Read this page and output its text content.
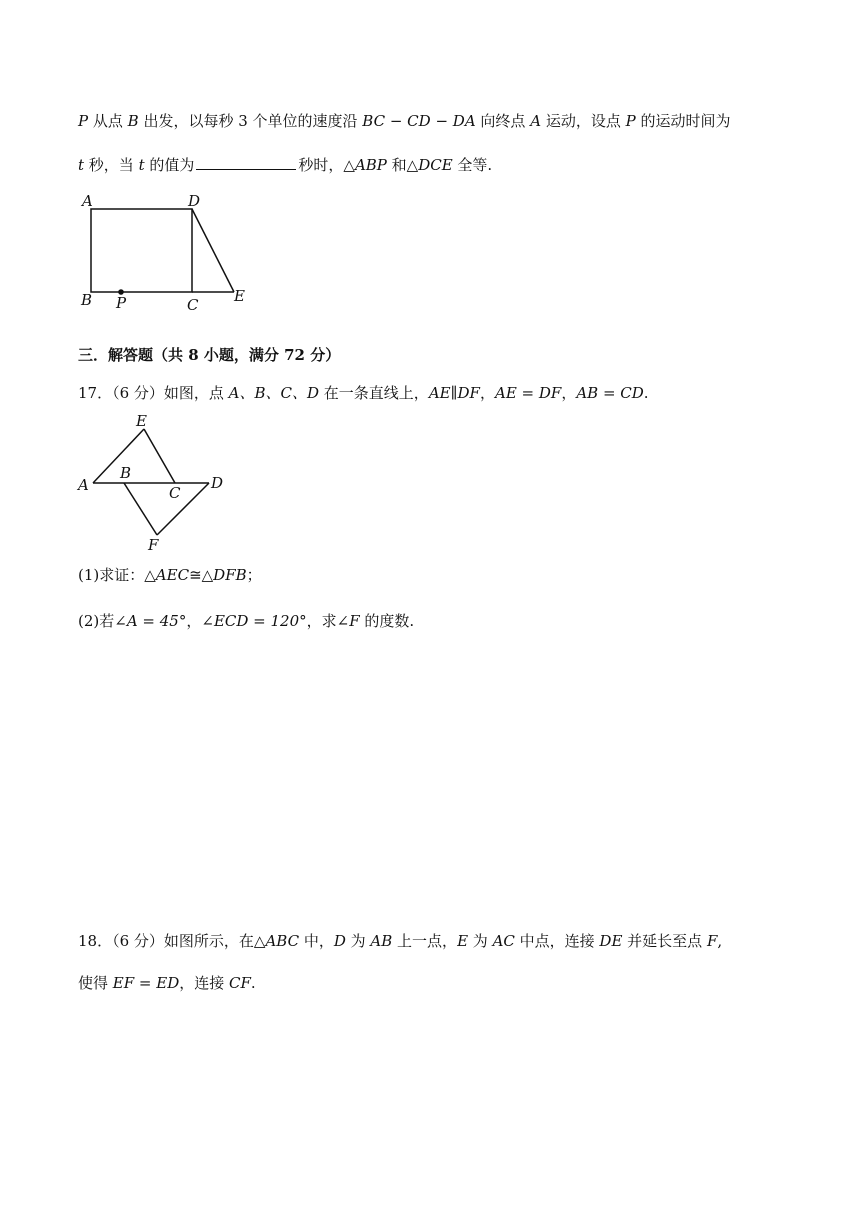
P 从点 B 出发，以每秒 3 个单位的速度沿 BC − CD − DA 向终点 A 运动，设点 P 的运动时间为
t 秒，当 t 的值为	秒时，△ABP 和△DCE 全等.
A	D
B P	C E
三．解答题（共 8 小题，满分 72 分）
17．（6 分）如图，点 A、B、C、D 在一条直线上，AE∥DF，AE = DF，AB = CD.
E
A
B
C
D
F
(1)求证：△AEC≅△DFB；
(2)若∠A = 45°，∠ECD = 120°，求∠F 的度数.
18．（6 分）如图所示，在△ABC 中，D 为 AB 上一点，E 为 AC 中点，连接 DE 并延长至点 F,
使得 EF = ED，连接 CF.
